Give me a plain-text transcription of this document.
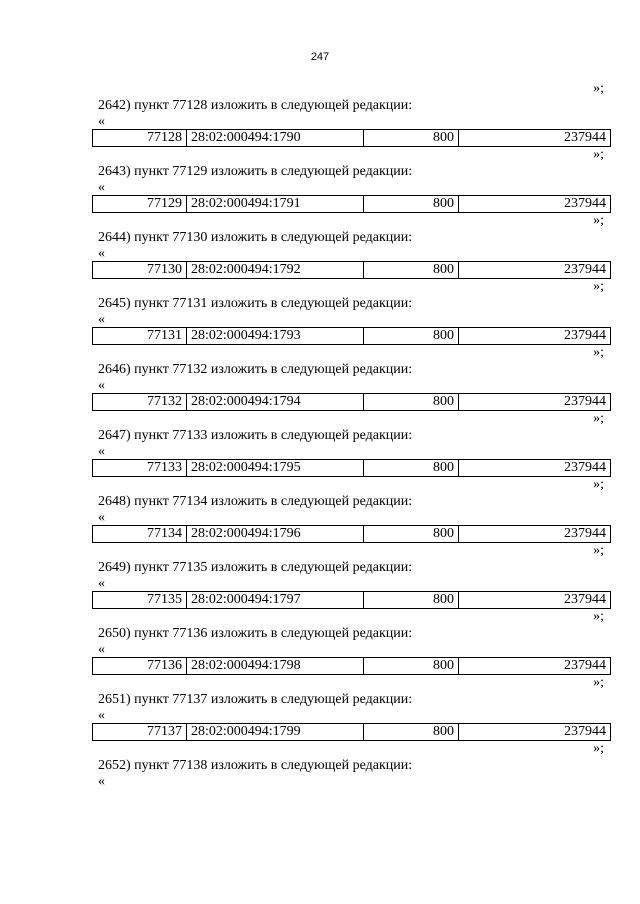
247
»;
2642) пункт 77128 изложить в следующей редакции:
«
77128	28:02:000494:1790	800	237944
»;
2643) пункт 77129 изложить в следующей редакции:
«
77129	28:02:000494:1791	800	237944
»;
2644) пункт 77130 изложить в следующей редакции:
«
77130	28:02:000494:1792	800	237944
»;
2645) пункт 77131 изложить в следующей редакции:
«
77131	28:02:000494:1793	800	237944
»;
2646) пункт 77132 изложить в следующей редакции:
«
77132	28:02:000494:1794	800	237944
»;
2647) пункт 77133 изложить в следующей редакции:
«
77133	28:02:000494:1795	800	237944
»;
2648) пункт 77134 изложить в следующей редакции:
«
77134	28:02:000494:1796	800	237944
»;
2649) пункт 77135 изложить в следующей редакции:
«
77135	28:02:000494:1797	800	237944
»;
2650) пункт 77136 изложить в следующей редакции:
«
77136	28:02:000494:1798	800	237944
»;
2651) пункт 77137 изложить в следующей редакции:
«
77137	28:02:000494:1799	800	237944
»;
2652) пункт 77138 изложить в следующей редакции:
«
